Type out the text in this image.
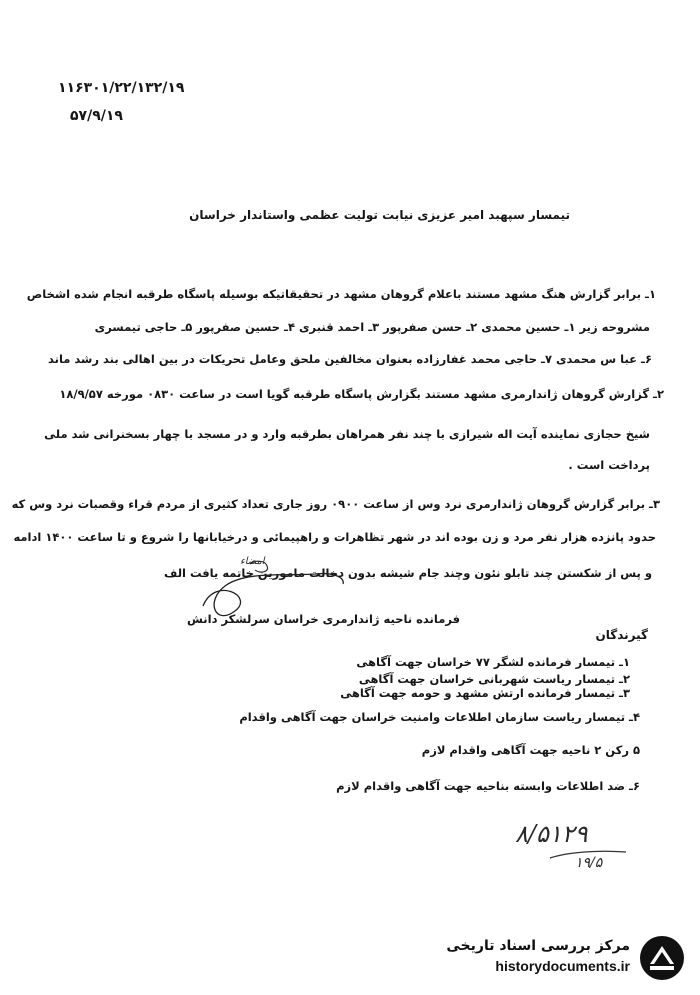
۱۱۶۳۰۱/۲۲/۱۳۲/۱۹
۵۷/۹/۱۹
تیمسار سپهبد امیر عزیزی نیابت تولیت عظمی واستاندار خراسان
۱ـ برابر گزارش هنگ مشهد مستند باعلام گروهان مشهد در تحقیقاتیکه بوسیله پاسگاه طرقبه انجام شده اشخاص
مشروحه زیر ۱ـ حسین محمدی ۲ـ حسن صفرپور ۳ـ احمد قنبری ۴ـ حسین صفرپور ۵ـ حاجی تیمسری
۶ـ عبا س محمدی ۷ـ حاجی محمد غفارزاده بعنوان مخالفین ملحق وعامل تحریکات در بین اهالی بند رشد ماند
۲ـ گزارش گروهان ژاندارمری مشهد مستند بگزارش پاسگاه طرقبه گویا است در ساعت ۰۸۳۰ مورخه ۱۸/۹/۵۷
شیخ حجازی نماینده آیت اله شیرازی با چند نفر همراهان بطرقبه وارد و در مسجد با چهار بسخنرانی شد ملی
پرداخت است .
۳ـ برابر گزارش گروهان ژاندارمری نرد وس از ساعت ۰۹۰۰ روز جاری تعداد کثیری از مردم قراء وقصبات نرد وس که
حدود پانزده هزار نفر مرد و زن بوده اند در شهر تظاهرات و راهپیمائی و درخیابانها را شروع و تا ساعت ۱۴۰۰ ادامه
و پس از شکستن چند تابلو نئون وچند جام شیشه بدون دخالت مامورین خاتمه یافت الف
امضاء
فرمانده ناحیه ژاندارمری خراسان سرلشکر دانش
گیرندگان
۱ـ تیمسار فرمانده لشگر ۷۷ خراسان جهت آگاهی
۲ـ تیمسار ریاست شهربانی خراسان جهت آگاهی
۳ـ تیمسار فرمانده ارتش مشهد و حومه جهت آگاهی
۴ـ تیمسار ریاست سازمان اطلاعات وامنیت خراسان جهت آگاهی واقدام
۵ رکن ۲ ناحیه جهت آگاهی واقدام لازم
۶ـ ضد اطلاعات وابسته بناحیه جهت آگاهی واقدام لازم
۸/۵۱۲۹
۱۹/۵
مرکز بررسی اسناد تاریخی
historydocuments.ir
